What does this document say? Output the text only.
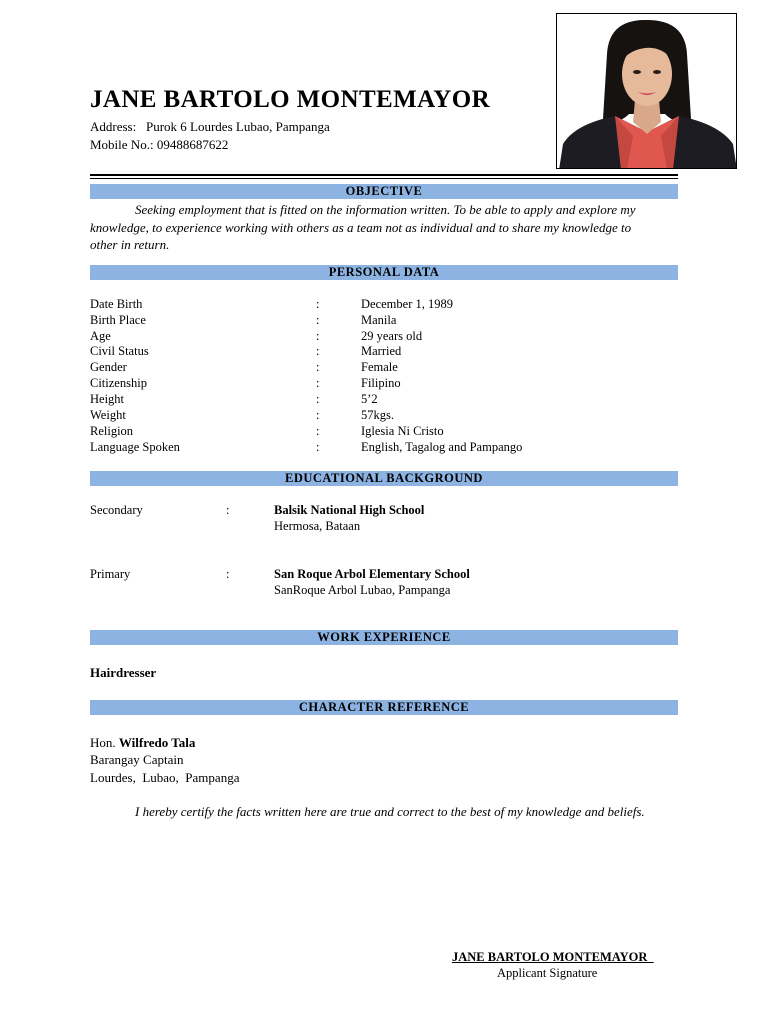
JANE BARTOLO MONTEMAYOR
Address: Purok 6 Lourdes Lubao, Pampanga
Mobile No.: 09488687622
OBJECTIVE
Seeking employment that is fitted on the information written. To be able to apply and explore my knowledge, to experience working with others as a team not as individual and to share my knowledge to other in return.
PERSONAL DATA
Date Birth	:	December 1, 1989
Birth Place	:	Manila
Age	:	29 years old
Civil Status	:	Married
Gender	:	Female
Citizenship	:	Filipino
Height	:	5’2
Weight	:	57kgs.
Religion	:	Iglesia Ni Cristo
Language Spoken	:	English, Tagalog and Pampango
EDUCATIONAL BACKGROUND
Secondary	:	Balsik National High School
Hermosa, Bataan
Primary	:	San Roque Arbol Elementary School
SanRoque Arbol Lubao, Pampanga
WORK EXPERIENCE
Hairdresser
CHARACTER REFERENCE
Hon. Wilfredo Tala
Barangay Captain
Lourdes,  Lubao,  Pampanga
I hereby certify the facts written here are true and correct to the best of my knowledge and beliefs.
JANE BARTOLO MONTEMAYOR
Applicant Signature
